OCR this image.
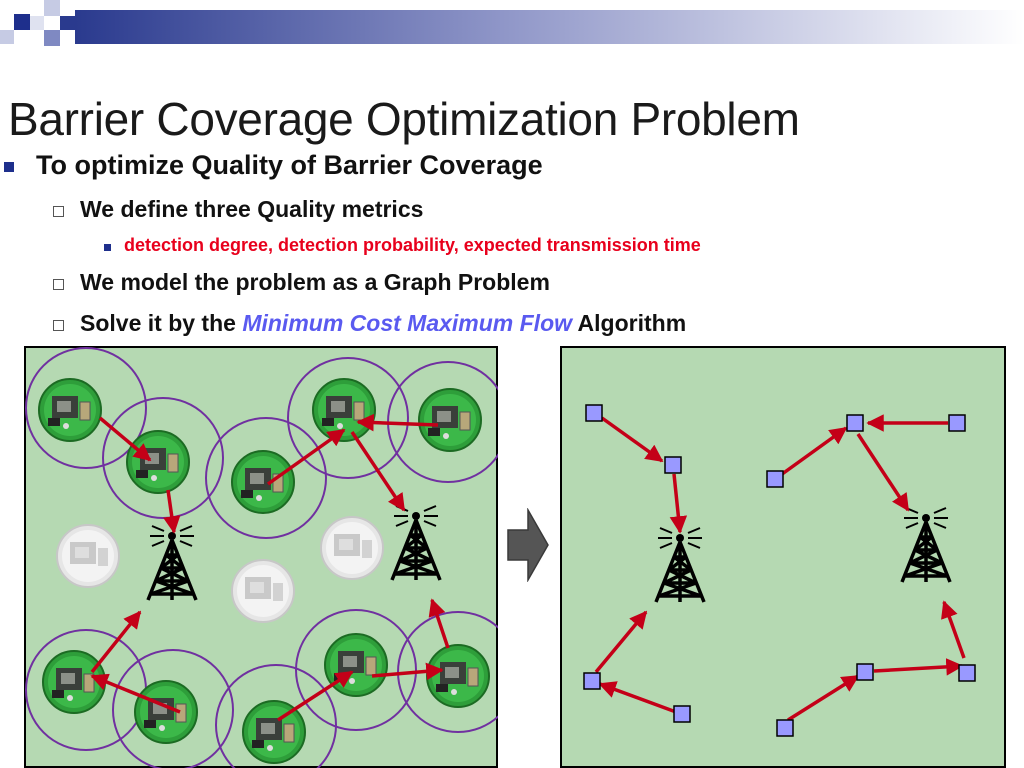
Barrier Coverage Optimization Problem
To optimize Quality of Barrier Coverage
We define three Quality metrics
detection degree, detection probability, expected transmission time
We model the problem as a Graph Problem
Solve it by the Minimum Cost Maximum Flow Algorithm
